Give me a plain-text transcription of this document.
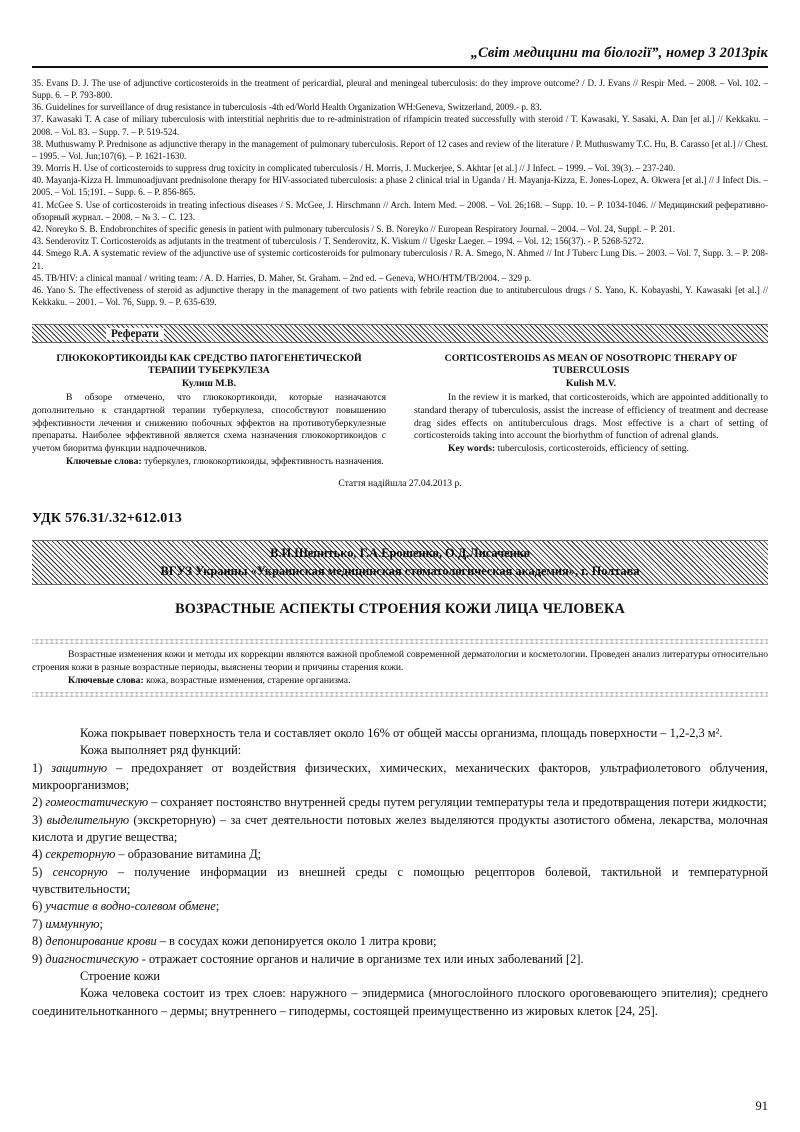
„Світ медицини та біології”, номер 3 2013рік

35. Evans D. J. The use of adjunctive corticosteroids in the treatment of pericardial, pleural and meningeal tuberculosis: do they improve outcome? / D. J. Evans // Respir Med. – 2008. – Vol. 102. – Supp. 6. – P. 793-800.

36. Guidelines for surveillance of drug resistance in tuberculosis -4th ed/World Health Organization WH:Geneva, Switzerland, 2009.- p. 83.

37. Kawasaki T. A case of miliary tuberculosis with interstitial nephritis due to re-administration of rifampicin treated successfully with steroid / T. Kawasaki, Y. Sasaki, A. Dan [et al.] // Kekkaku. – 2008. – Vol. 83. – Supp. 7. – P. 519-524.

38. Muthuswamy P. Prednisone as adjunctive therapy in the management of pulmonary tuberculosis. Report of 12 cases and review of the literature / P. Muthuswamy T.C. Hu, B. Carasso [et al.] // Chest. – 1995. – Vol. Jun;107(6). – P. 1621-1630.

39. Morris H. Use of corticosteroids to suppress drug toxicity in complicated tuberculosis / H. Morris, J. Muckerjee, S. Akhtar [et al.] // J Infect. – 1999. – Vol. 39(3). – 237-240.

40. Mayanja-Kizza H. Immunoadjuvant prednisolone therapy for HIV-associated tuberculosis: a phase 2 clinical trial in Uganda / H. Mayanja-Kizza, E. Jones-Lopez, A. Okwera [et al.] // J Infect Dis. – 2005. – Vol. 15;191. – Supp. 6. – P. 856-865.

41. McGee S. Use of corticosteroids in treating infectious diseases / S. McGee, J. Hirschmann // Arch. Intern Med. – 2008. – Vol. 26;168. – Supp. 10. – P. 1034-1046. // Медицинский реферативно-обзорный журнал. – 2008. – № 3. – С. 123.

42. Noreyko S. B. Endobronchites of specific genesis in patient with pulmonary tuberculosis / S. B. Noreyko // European Respiratory Journal. – 2004. – Vol. 24, Suppl. – P. 201.

43. Senderovitz T. Corticosteroids as adjutants in the treatment of tuberculosis / T. Senderovitz, K. Viskum // Ugeskr Laeger. – 1994. – Vol. 12; 156(37). - P. 5268-5272.

44. Smego R.A. A systematic review of the adjunctive use of systemic corticosteroids for pulmonary tuberculosis / R. A. Smego, N. Ahmed // Int J Tuberc Lung Dis. – 2003. – Vol. 7, Supp. 3. – P. 208-21.

45. TB/HIV: a clinical manual / writing team: / A. D. Harries, D. Maher, St. Graham. – 2nd ed. – Geneva, WHO/HTM/TB/2004. – 329 p.

46. Yano S. The effectiveness of steroid as adjunctive therapy in the management of two patients with febrile reaction due to antituberculous drugs / S. Yano, K. Kobayashi, Y. Kawasaki [et al.] // Kekkaku. – 2001. – Vol. 76, Supp. 9. – P. 635-639.

Реферати
ГЛЮКОКОРТИКОИДЫ КАК СРЕДСТВО ПАТОГЕНЕТИЧЕСКОЙ ТЕРАПИИ ТУБЕРКУЛЕЗА
Кулиш М.В.
В обзоре отмечено, что глюкокортикоиди, которые назначаются дополнительно к стандартной терапии туберкулеза, способствуют повышению эффективности лечения и снижению побочных эффектов на противотуберкулезные препараты. Наиболее эффективной является схема назначения глюкокортикоидов с учетом биоритма функции надпочечников.
Ключевые слова: туберкулез, глюкокортикоиды, эффективность назначения.
CORTICOSTEROIDS AS MEAN OF NOSOTROPIC THERAPY OF TUBERCULOSIS
Kulish M.V.
In the review it is marked, that corticosteroids, which are appointed additionally to standard therapy of tuberculosis, assist the increase of efficiency of treatment and decrease drag sides effects on antituberculous drags. Most effective is a chart of setting of corticosteroids taking into account the biorhythm of function of adrenal glands.
Key words: tuberculosis, corticosteroids, efficiency of setting.
Стаття надійшла 27.04.2013 р.
УДК 576.31/.32+612.013
В.И.Шепитько, Г.А.Ерошенко, О.Д.Лисаченко
ВГУЗ Украины «Украинская медицинская стоматологическая академия», г. Полтава
ВОЗРАСТНЫЕ АСПЕКТЫ СТРОЕНИЯ КОЖИ ЛИЦА ЧЕЛОВЕКА

Возрастные изменения кожи и методы их коррекции являются важной проблемой современной дерматологии и косметологии. Проведен анализ литературы относительно строения кожи в разные возрастные периоды, выяснены теории и причины старения кожи.

Ключевые слова: кожа, возрастные изменения, старение организма.

Кожа покрывает поверхность тела и составляет около 16% от общей массы организма, площадь поверхности – 1,2-2,3 м².

Кожа выполняет ряд функций:

1) защитную – предохраняет от воздействия физических, химических, механических факторов, ультрафиолетового облучения, микроорганизмов;

2) гомеостатическую – сохраняет постоянство внутренней среды путем регуляции температуры тела и предотвращения потери жидкости;

3) выделительную (экскреторную) – за счет деятельности потовых желез выделяются продукты азотистого обмена, лекарства, молочная кислота и другие вещества;

4) секреторную – образование витамина Д;

5) сенсорную – получение информации из внешней среды с помощью рецепторов болевой, тактильной и температурной чувствительности;

6) участие в водно-солевом обмене;

7) иммунную;

8) депонирование крови – в сосудах кожи депонируется около 1 литра крови;

9) диагностическую - отражает состояние органов и наличие в организме тех или иных заболеваний [2].

Строение кожи

Кожа человека состоит из трех слоев: наружного – эпидермиса (многослойного плоского ороговевающего эпителия); среднего соединительнотканного – дермы; внутреннего – гиподермы, состоящей преимущественно из жировых клеток [24, 25].

91
